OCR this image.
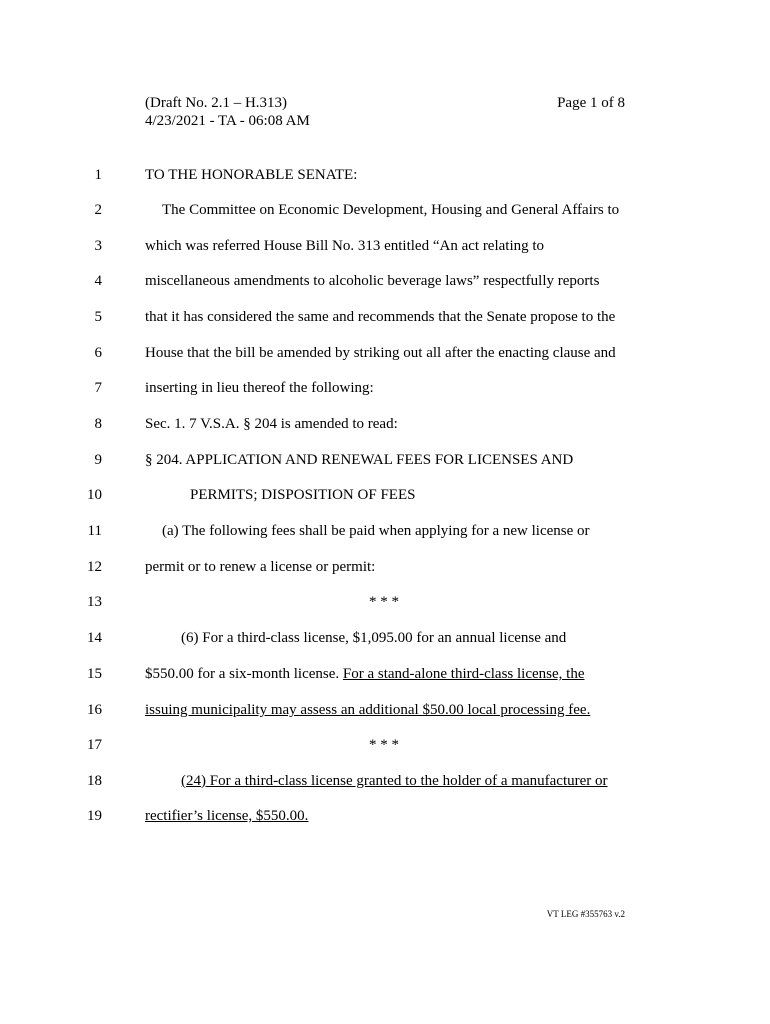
(Draft No. 2.1 – H.313)
4/23/2021 - TA - 06:08 AM
Page 1 of 8
1	TO THE HONORABLE SENATE:
2	The Committee on Economic Development, Housing and General Affairs to
3	which was referred House Bill No. 313 entitled “An act relating to
4	miscellaneous amendments to alcoholic beverage laws” respectfully reports
5	that it has considered the same and recommends that the Senate propose to the
6	House that the bill be amended by striking out all after the enacting clause and
7	inserting in lieu thereof the following:
8	Sec. 1. 7 V.S.A. § 204 is amended to read:
9	§ 204. APPLICATION AND RENEWAL FEES FOR LICENSES AND
10	PERMITS; DISPOSITION OF FEES
11	(a) The following fees shall be paid when applying for a new license or
12	permit or to renew a license or permit:
13	* * *
14	(6) For a third-class license, $1,095.00 for an annual license and
15	$550.00 for a six-month license. For a stand-alone third-class license, the
16	issuing municipality may assess an additional $50.00 local processing fee.
17	* * *
18	(24) For a third-class license granted to the holder of a manufacturer or
19	rectifier’s license, $550.00.
VT LEG #355763 v.2
